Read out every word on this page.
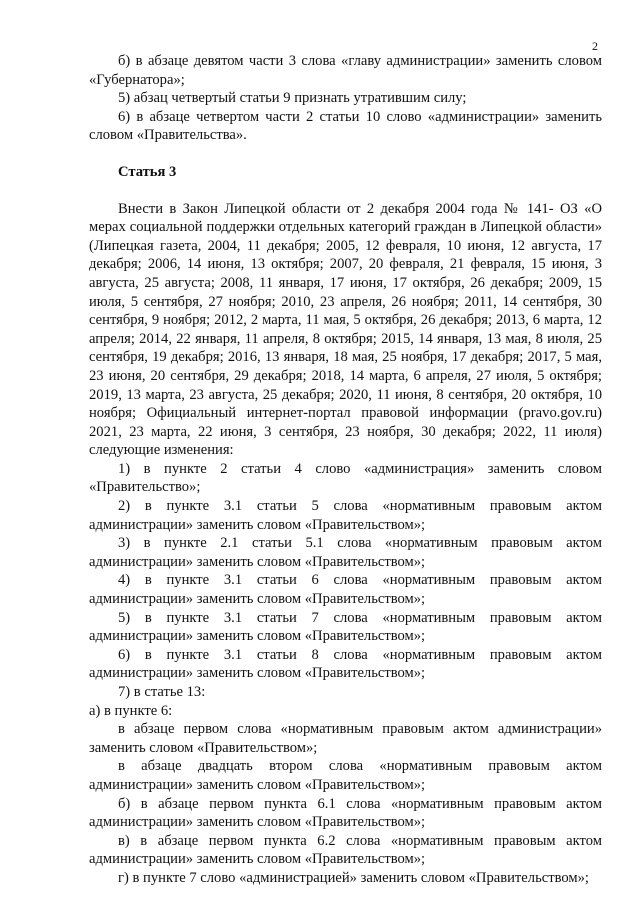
2

б) в абзаце девятом части 3 слова «главу администрации» заменить словом «Губернатора»;

5) абзац четвертый статьи 9 признать утратившим силу;

6) в абзаце четвертом части 2 статьи 10 слово «администрации» заменить словом «Правительства».

Статья 3

Внести в Закон Липецкой области от 2 декабря 2004 года № 141- ОЗ «О мерах социальной поддержки отдельных категорий граждан в Липецкой области» (Липецкая газета, 2004, 11 декабря; 2005, 12 февраля, 10 июня, 12 августа, 17 декабря; 2006, 14 июня, 13 октября; 2007, 20 февраля, 21 февраля, 15 июня, 3 августа, 25 августа; 2008, 11 января, 17 июня, 17 октября, 26 декабря; 2009, 15 июля, 5 сентября, 27 ноября; 2010, 23 апреля, 26 ноября; 2011, 14 сентября, 30 сентября, 9 ноября; 2012, 2 марта, 11 мая, 5 октября, 26 декабря; 2013, 6 марта, 12 апреля; 2014, 22 января, 11 апреля, 8 октября; 2015, 14 января, 13 мая, 8 июля, 25 сентября, 19 декабря; 2016, 13 января, 18 мая, 25 ноября, 17 декабря; 2017, 5 мая, 23 июня, 20 сентября, 29 декабря; 2018, 14 марта, 6 апреля, 27 июля, 5 октября; 2019, 13 марта, 23 августа, 25 декабря; 2020, 11 июня, 8 сентября, 20 октября, 10 ноября; Официальный интернет-портал правовой информации (pravo.gov.ru) 2021, 23 марта, 22 июня, 3 сентября, 23 ноября, 30 декабря; 2022, 11 июля) следующие изменения:

1) в пункте 2 статьи 4 слово «администрация» заменить словом «Правительство»;

2) в пункте 3.1 статьи 5 слова «нормативным правовым актом администрации» заменить словом «Правительством»;

3) в пункте 2.1 статьи 5.1 слова «нормативным правовым актом администрации» заменить словом «Правительством»;

4) в пункте 3.1 статьи 6 слова «нормативным правовым актом администрации» заменить словом «Правительством»;

5) в пункте 3.1 статьи 7 слова «нормативным правовым актом администрации» заменить словом «Правительством»;

6) в пункте 3.1 статьи 8 слова «нормативным правовым актом администрации» заменить словом «Правительством»;

7) в статье 13:

а) в пункте 6:

в абзаце первом слова «нормативным правовым актом администрации» заменить словом «Правительством»;

в абзаце двадцать втором слова «нормативным правовым актом администрации» заменить словом «Правительством»;

б) в абзаце первом пункта 6.1 слова «нормативным правовым актом администрации» заменить словом «Правительством»;

в) в абзаце первом пункта 6.2 слова «нормативным правовым актом администрации» заменить словом «Правительством»;

г) в пункте 7 слово «администрацией» заменить словом «Правительством»;
